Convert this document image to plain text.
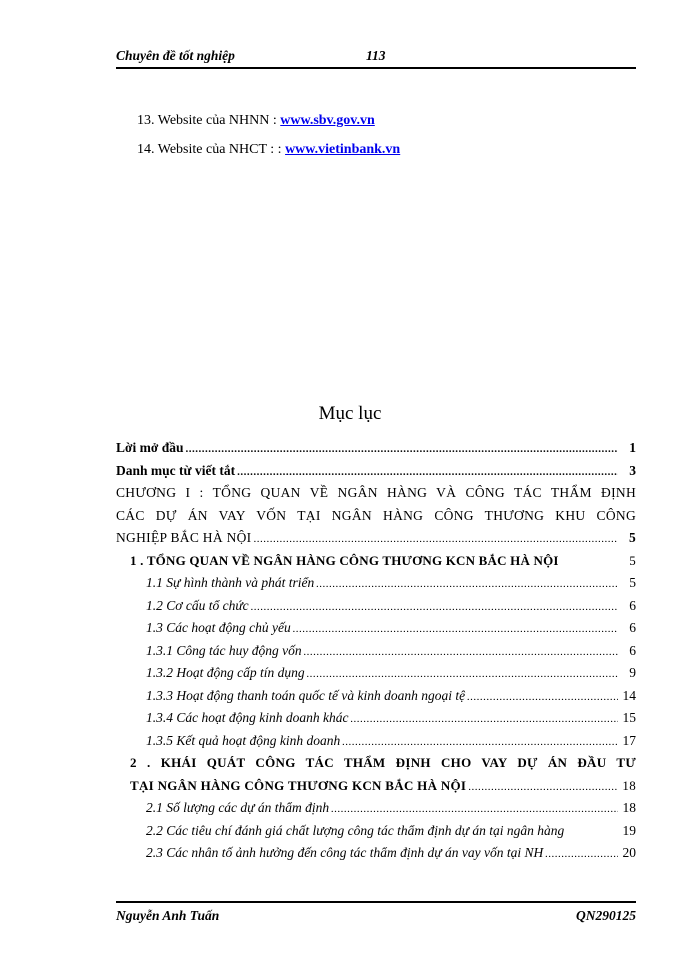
Chuyên đề tốt nghiệp	113
13. Website của NHNN : www.sbv.gov.vn
14. Website của NHCT : : www.vietinbank.vn
Mục lục
Lời mở đầu .....	1
Danh mục từ viết tắt .....	3
CHƯƠNG I : TỔNG QUAN VỀ NGÂN HÀNG VÀ CÔNG TÁC THẨM ĐỊNH
CÁC DỰ ÁN VAY VỐN TẠI NGÂN HÀNG CÔNG THƯƠNG KHU CÔNG
NGHIỆP BẮC HÀ NỘI .....	5
1 . TỔNG QUAN VỀ NGÂN HÀNG CÔNG THƯƠNG KCN BẮC HÀ NỘI	5
1.1 Sự hình thành và phát triển .....	5
1.2 Cơ cấu tổ chức .....	6
1.3 Các hoạt động chủ yếu .....	6
1.3.1 Công tác huy động vốn .....	6
1.3.2 Hoạt động cấp tín dụng .....	9
1.3.3 Hoạt động thanh toán quốc tế và kinh doanh ngoại tệ .....	14
1.3.4 Các hoạt động kinh doanh khác .....	15
1.3.5 Kết quả hoạt động kinh doanh .....	17
2 . KHÁI QUÁT CÔNG TÁC THẨM ĐỊNH CHO VAY DỰ ÁN ĐẦU TƯ
TẠI NGÂN HÀNG CÔNG THƯƠNG KCN BẮC HÀ NỘI .....	18
2.1 Số lượng các dự án thẩm định .....	18
2.2 Các tiêu chí đánh giá chất lượng công tác thẩm định dự án tại ngân hàng	19
2.3 Các nhân tố ảnh hưởng đến công tác thẩm định dự án vay vốn tại NH .....	20
Nguyễn Anh Tuấn	QN290125
